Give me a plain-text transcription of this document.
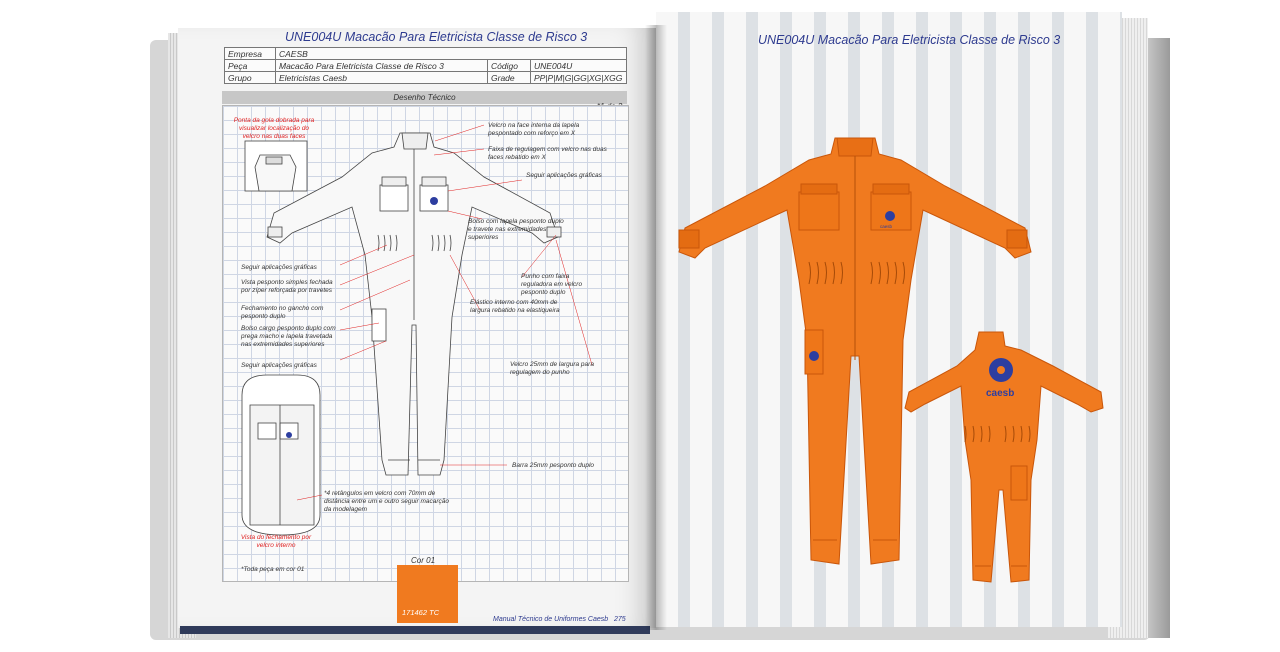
UNE004U Macacão Para Eletricista Classe de Risco 3
Empresa	CAESB		
Peça	Macacão Para Eletricista Classe de Risco 3	Código	UNE004U
Grupo	Eletricistas Caesb	Grade	PP|P|M|G|GG|XG|XGG
Desenho Técnico
Ponta da gola dobrada para visualizar localização do velcro nas duas faces
Velcro na face interna da lapela pespontado com reforço em X
Faixa de regulagem com velcro nas duas faces rebatido em X
Seguir aplicações gráficas
Bolso com lapela pesponto duplo e travete nas extremidades superiores
Seguir aplicações gráficas
Vista pesponto simples fechada por zíper reforçada por travetes
Punho com faixa reguladora em velcro pesponto duplo
Fechamento no gancho com pesponto duplo
Elástico interno com 40mm de largura rebatido na elastiqueira
Bolso cargo pesponto duplo com prega macho e lapela travetada nas extremidades superiores
Seguir aplicações gráficas	Velcro 25mm de largura para regulagem do punho
Barra 25mm pesponto duplo
*4 retângulos em velcro com 70mm de distância entre um e outro seguir macarção da modelagem
Vista do fechamento por velcro interno
*Toda peça em cor 01
Cor 01
171462 TC
Manual Técnico de Uniformes Caesb 275
UNE004U Macacão Para Eletricista Classe de Risco 3
caesb
caesb
